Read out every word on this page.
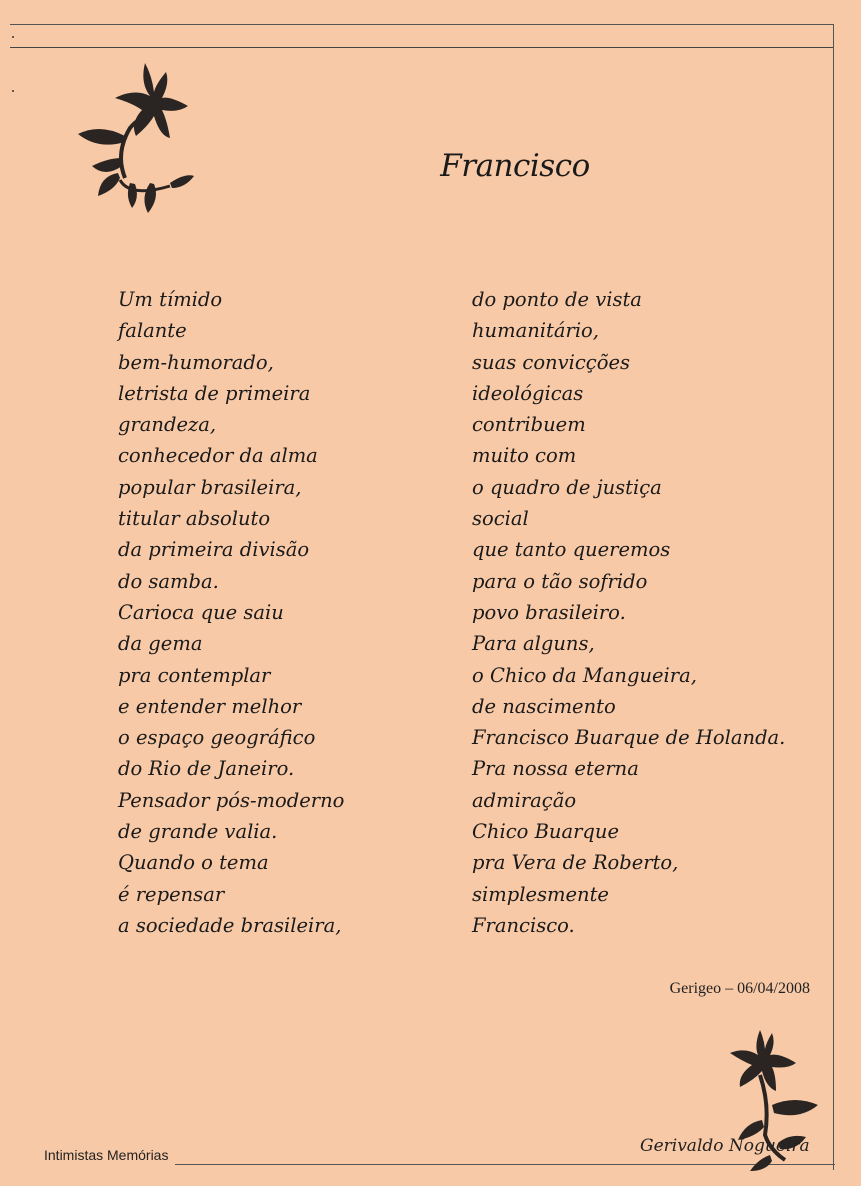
Francisco
Um tímido
falante
bem-humorado,
letrista de primeira
grandeza,
conhecedor da alma
popular brasileira,
titular absoluto
da primeira divisão
do samba.
Carioca que saiu
da gema
pra contemplar
e entender melhor
o espaço geográfico
do Rio de Janeiro.
Pensador pós-moderno
de grande valia.
Quando o tema
é repensar
a sociedade brasileira,
do ponto de vista
humanitário,
suas convicções
ideológicas
contribuem
muito com
o quadro de justiça
social
que tanto queremos
para o tão sofrido
povo brasileiro.
Para alguns,
o Chico da Mangueira,
de nascimento
Francisco Buarque de Holanda.
Pra nossa eterna
admiração
Chico Buarque
pra Vera de Roberto,
simplesmente
Francisco.
Gerigeo – 06/04/2008
Gerivaldo Nogueira
Intimistas Memórias
